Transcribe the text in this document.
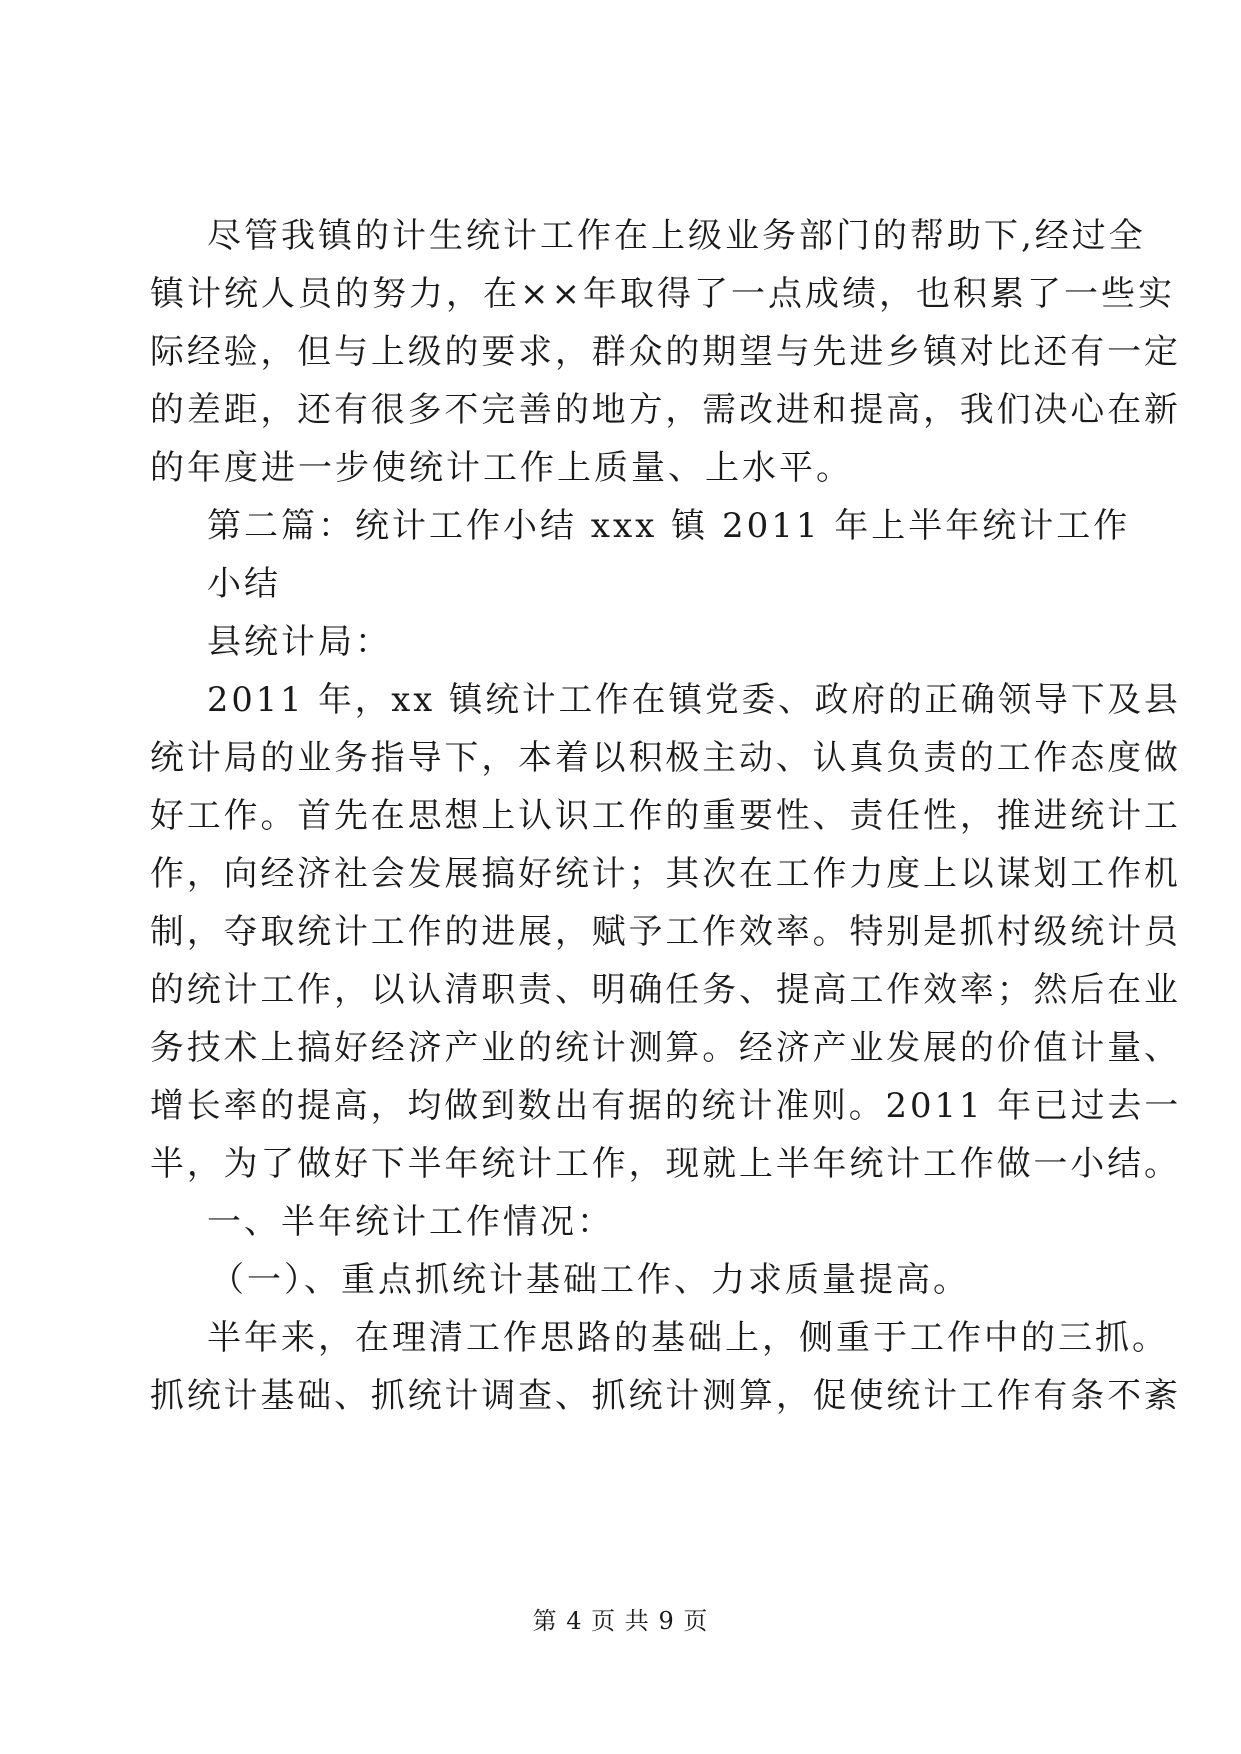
尽管我镇的计生统计工作在上级业务部门的帮助下,经过全
镇计统人员的努力，在××年取得了一点成绩，也积累了一些实
际经验，但与上级的要求，群众的期望与先进乡镇对比还有一定
的差距，还有很多不完善的地方，需改进和提高，我们决心在新
的年度进一步使统计工作上质量、上水平。
第二篇：统计工作小结 xxx 镇 2011 年上半年统计工作
小结
县统计局：
2011 年，xx 镇统计工作在镇党委、政府的正确领导下及县
统计局的业务指导下，本着以积极主动、认真负责的工作态度做
好工作。首先在思想上认识工作的重要性、责任性，推进统计工
作，向经济社会发展搞好统计；其次在工作力度上以谋划工作机
制，夺取统计工作的进展，赋予工作效率。特别是抓村级统计员
的统计工作，以认清职责、明确任务、提高工作效率；然后在业
务技术上搞好经济产业的统计测算。经济产业发展的价值计量、
增长率的提高，均做到数出有据的统计准则。2011 年已过去一
半，为了做好下半年统计工作，现就上半年统计工作做一小结。
一、半年统计工作情况：
（一）、重点抓统计基础工作、力求质量提高。
半年来，在理清工作思路的基础上，侧重于工作中的三抓。
抓统计基础、抓统计调查、抓统计测算，促使统计工作有条不紊
第 4 页 共 9 页
